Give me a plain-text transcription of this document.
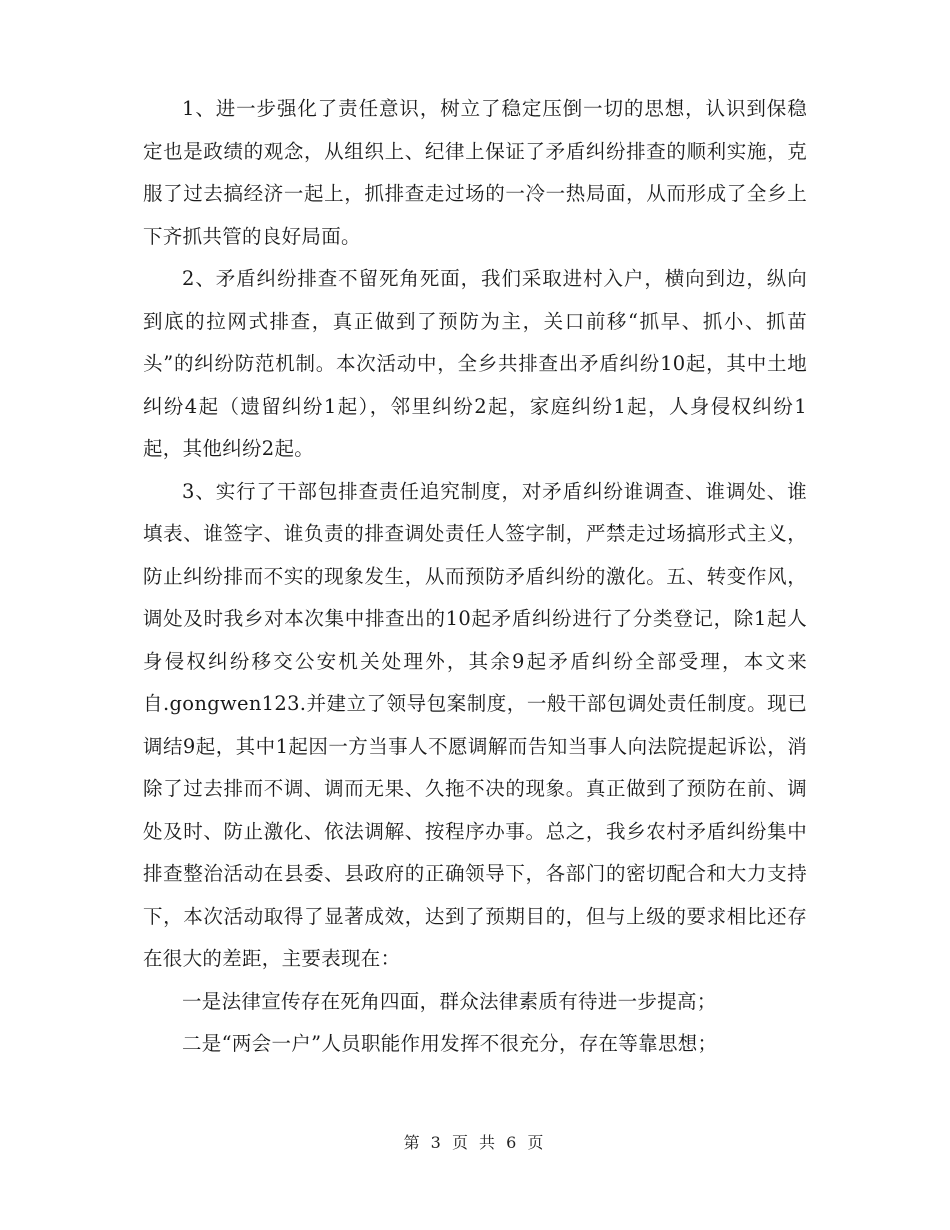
1、进一步强化了责任意识，树立了稳定压倒一切的思想，认识到保稳定也是政绩的观念，从组织上、纪律上保证了矛盾纠纷排查的顺利实施，克服了过去搞经济一起上，抓排查走过场的一冷一热局面，从而形成了全乡上下齐抓共管的良好局面。

2、矛盾纠纷排查不留死角死面，我们采取进村入户，横向到边，纵向到底的拉网式排查，真正做到了预防为主，关口前移“抓早、抓小、抓苗头”的纠纷防范机制。本次活动中，全乡共排查出矛盾纠纷10起，其中土地纠纷4起（遗留纠纷1起），邻里纠纷2起，家庭纠纷1起，人身侵权纠纷1起，其他纠纷2起。

3、实行了干部包排查责任追究制度，对矛盾纠纷谁调查、谁调处、谁填表、谁签字、谁负责的排查调处责任人签字制，严禁走过场搞形式主义，防止纠纷排而不实的现象发生，从而预防矛盾纠纷的激化。五、转变作风，调处及时我乡对本次集中排查出的10起矛盾纠纷进行了分类登记，除1起人身侵权纠纷移交公安机关处理外，其余9起矛盾纠纷全部受理，本文来自.gongwen123.并建立了领导包案制度，一般干部包调处责任制度。现已调结9起，其中1起因一方当事人不愿调解而告知当事人向法院提起诉讼，消除了过去排而不调、调而无果、久拖不决的现象。真正做到了预防在前、调处及时、防止激化、依法调解、按程序办事。总之，我乡农村矛盾纠纷集中排查整治活动在县委、县政府的正确领导下，各部门的密切配合和大力支持下，本次活动取得了显著成效，达到了预期目的，但与上级的要求相比还存在很大的差距，主要表现在：

一是法律宣传存在死角四面，群众法律素质有待进一步提高；

二是“两会一户”人员职能作用发挥不很充分，存在等靠思想；

第 3 页 共 6 页
